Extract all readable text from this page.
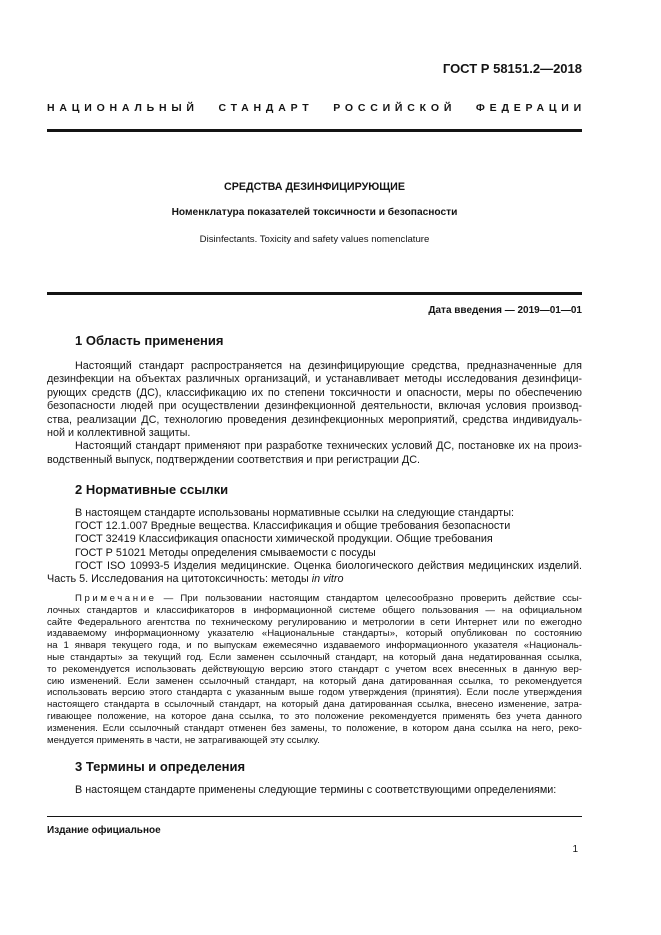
ГОСТ Р 58151.2—2018
НАЦИОНАЛЬНЫЙ СТАНДАРТ РОССИЙСКОЙ ФЕДЕРАЦИИ
СРЕДСТВА ДЕЗИНФИЦИРУЮЩИЕ
Номенклатура показателей токсичности и безопасности
Disinfectants. Toxicity and safety values nomenclature
Дата введения — 2019—01—01
1 Область применения
Настоящий стандарт распространяется на дезинфицирующие средства, предназначенные для
дезинфекции на объектах различных организаций, и устанавливает методы исследования дезинфици-
рующих средств (ДС), классификацию их по степени токсичности и опасности, меры по обеспечению
безопасности людей при осуществлении дезинфекционной деятельности, включая условия производ-
ства, реализации ДС, технологию проведения дезинфекционных мероприятий, средства индивидуаль-
ной и коллективной защиты.
Настоящий стандарт применяют при разработке технических условий ДС, постановке их на произ-
водственный выпуск, подтверждении соответствия и при регистрации ДС.
2 Нормативные ссылки
В настоящем стандарте использованы нормативные ссылки на следующие стандарты:
ГОСТ 12.1.007 Вредные вещества. Классификация и общие требования безопасности
ГОСТ 32419 Классификация опасности химической продукции. Общие требования
ГОСТ Р 51021 Методы определения смываемости с посуды
ГОСТ ISO 10993-5 Изделия медицинские. Оценка биологического действия медицинских изделий.
Часть 5. Исследования на цитотоксичность: методы in vitro
Примечание — При пользовании настоящим стандартом целесообразно проверить действие ссы-
лочных стандартов и классификаторов в информационной системе общего пользования — на официальном
сайте Федерального агентства по техническому регулированию и метрологии в сети Интернет или по ежегодно
издаваемому информационному указателю «Национальные стандарты», который опубликован по состоянию
на 1 января текущего года, и по выпускам ежемесячно издаваемого информационного указателя «Националь-
ные стандарты» за текущий год. Если заменен ссылочный стандарт, на который дана недатированная ссылка,
то рекомендуется использовать действующую версию этого стандарт с учетом всех внесенных в данную вер-
сию изменений. Если заменен ссылочный стандарт, на который дана датированная ссылка, то рекомендуется
использовать версию этого стандарта с указанным выше годом утверждения (принятия). Если после утверждения
настоящего стандарта в ссылочный стандарт, на который дана датированная ссылка, внесено изменение, затра-
гивающее положение, на которое дана ссылка, то это положение рекомендуется применять без учета данного
изменения. Если ссылочный стандарт отменен без замены, то положение, в котором дана ссылка на него, реко-
мендуется применять в части, не затрагивающей эту ссылку.
3 Термины и определения
В настоящем стандарте применены следующие термины с соответствующими определениями:
Издание официальное
1
